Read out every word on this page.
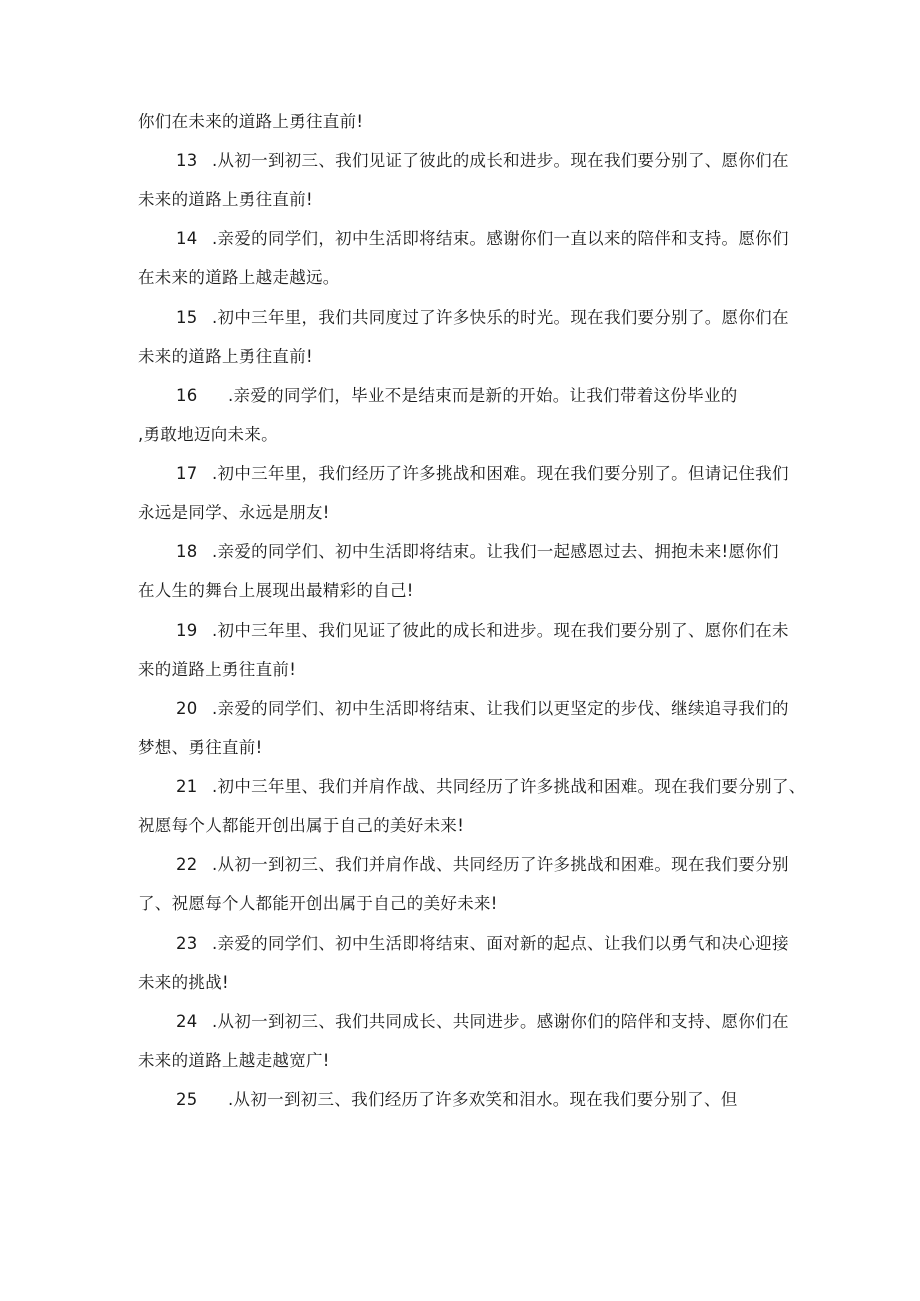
你们在未来的道路上勇往直前!
13 .从初一到初三、我们见证了彼此的成长和进步。现在我们要分别了、愿你们在
未来的道路上勇往直前!
14 .亲爱的同学们，初中生活即将结束。感谢你们一直以来的陪伴和支持。愿你们
在未来的道路上越走越远。
15 .初中三年里，我们共同度过了许多快乐的时光。现在我们要分别了。愿你们在
未来的道路上勇往直前!
16 .亲爱的同学们，毕业不是结束而是新的开始。让我们带着这份毕业的
,勇敢地迈向未来。
17 .初中三年里，我们经历了许多挑战和困难。现在我们要分别了。但请记住我们
永远是同学、永远是朋友!
18 .亲爱的同学们、初中生活即将结束。让我们一起感恩过去、拥抱未来!愿你们
在人生的舞台上展现出最精彩的自己!
19 .初中三年里、我们见证了彼此的成长和进步。现在我们要分别了、愿你们在未
来的道路上勇往直前!
20 .亲爱的同学们、初中生活即将结束、让我们以更坚定的步伐、继续追寻我们的
梦想、勇往直前!
21 .初中三年里、我们并肩作战、共同经历了许多挑战和困难。现在我们要分别了、
祝愿每个人都能开创出属于自己的美好未来!
22 .从初一到初三、我们并肩作战、共同经历了许多挑战和困难。现在我们要分别
了、祝愿每个人都能开创出属于自己的美好未来!
23 .亲爱的同学们、初中生活即将结束、面对新的起点、让我们以勇气和决心迎接
未来的挑战!
24 .从初一到初三、我们共同成长、共同进步。感谢你们的陪伴和支持、愿你们在
未来的道路上越走越宽广!
25 .从初一到初三、我们经历了许多欢笑和泪水。现在我们要分别了、但
